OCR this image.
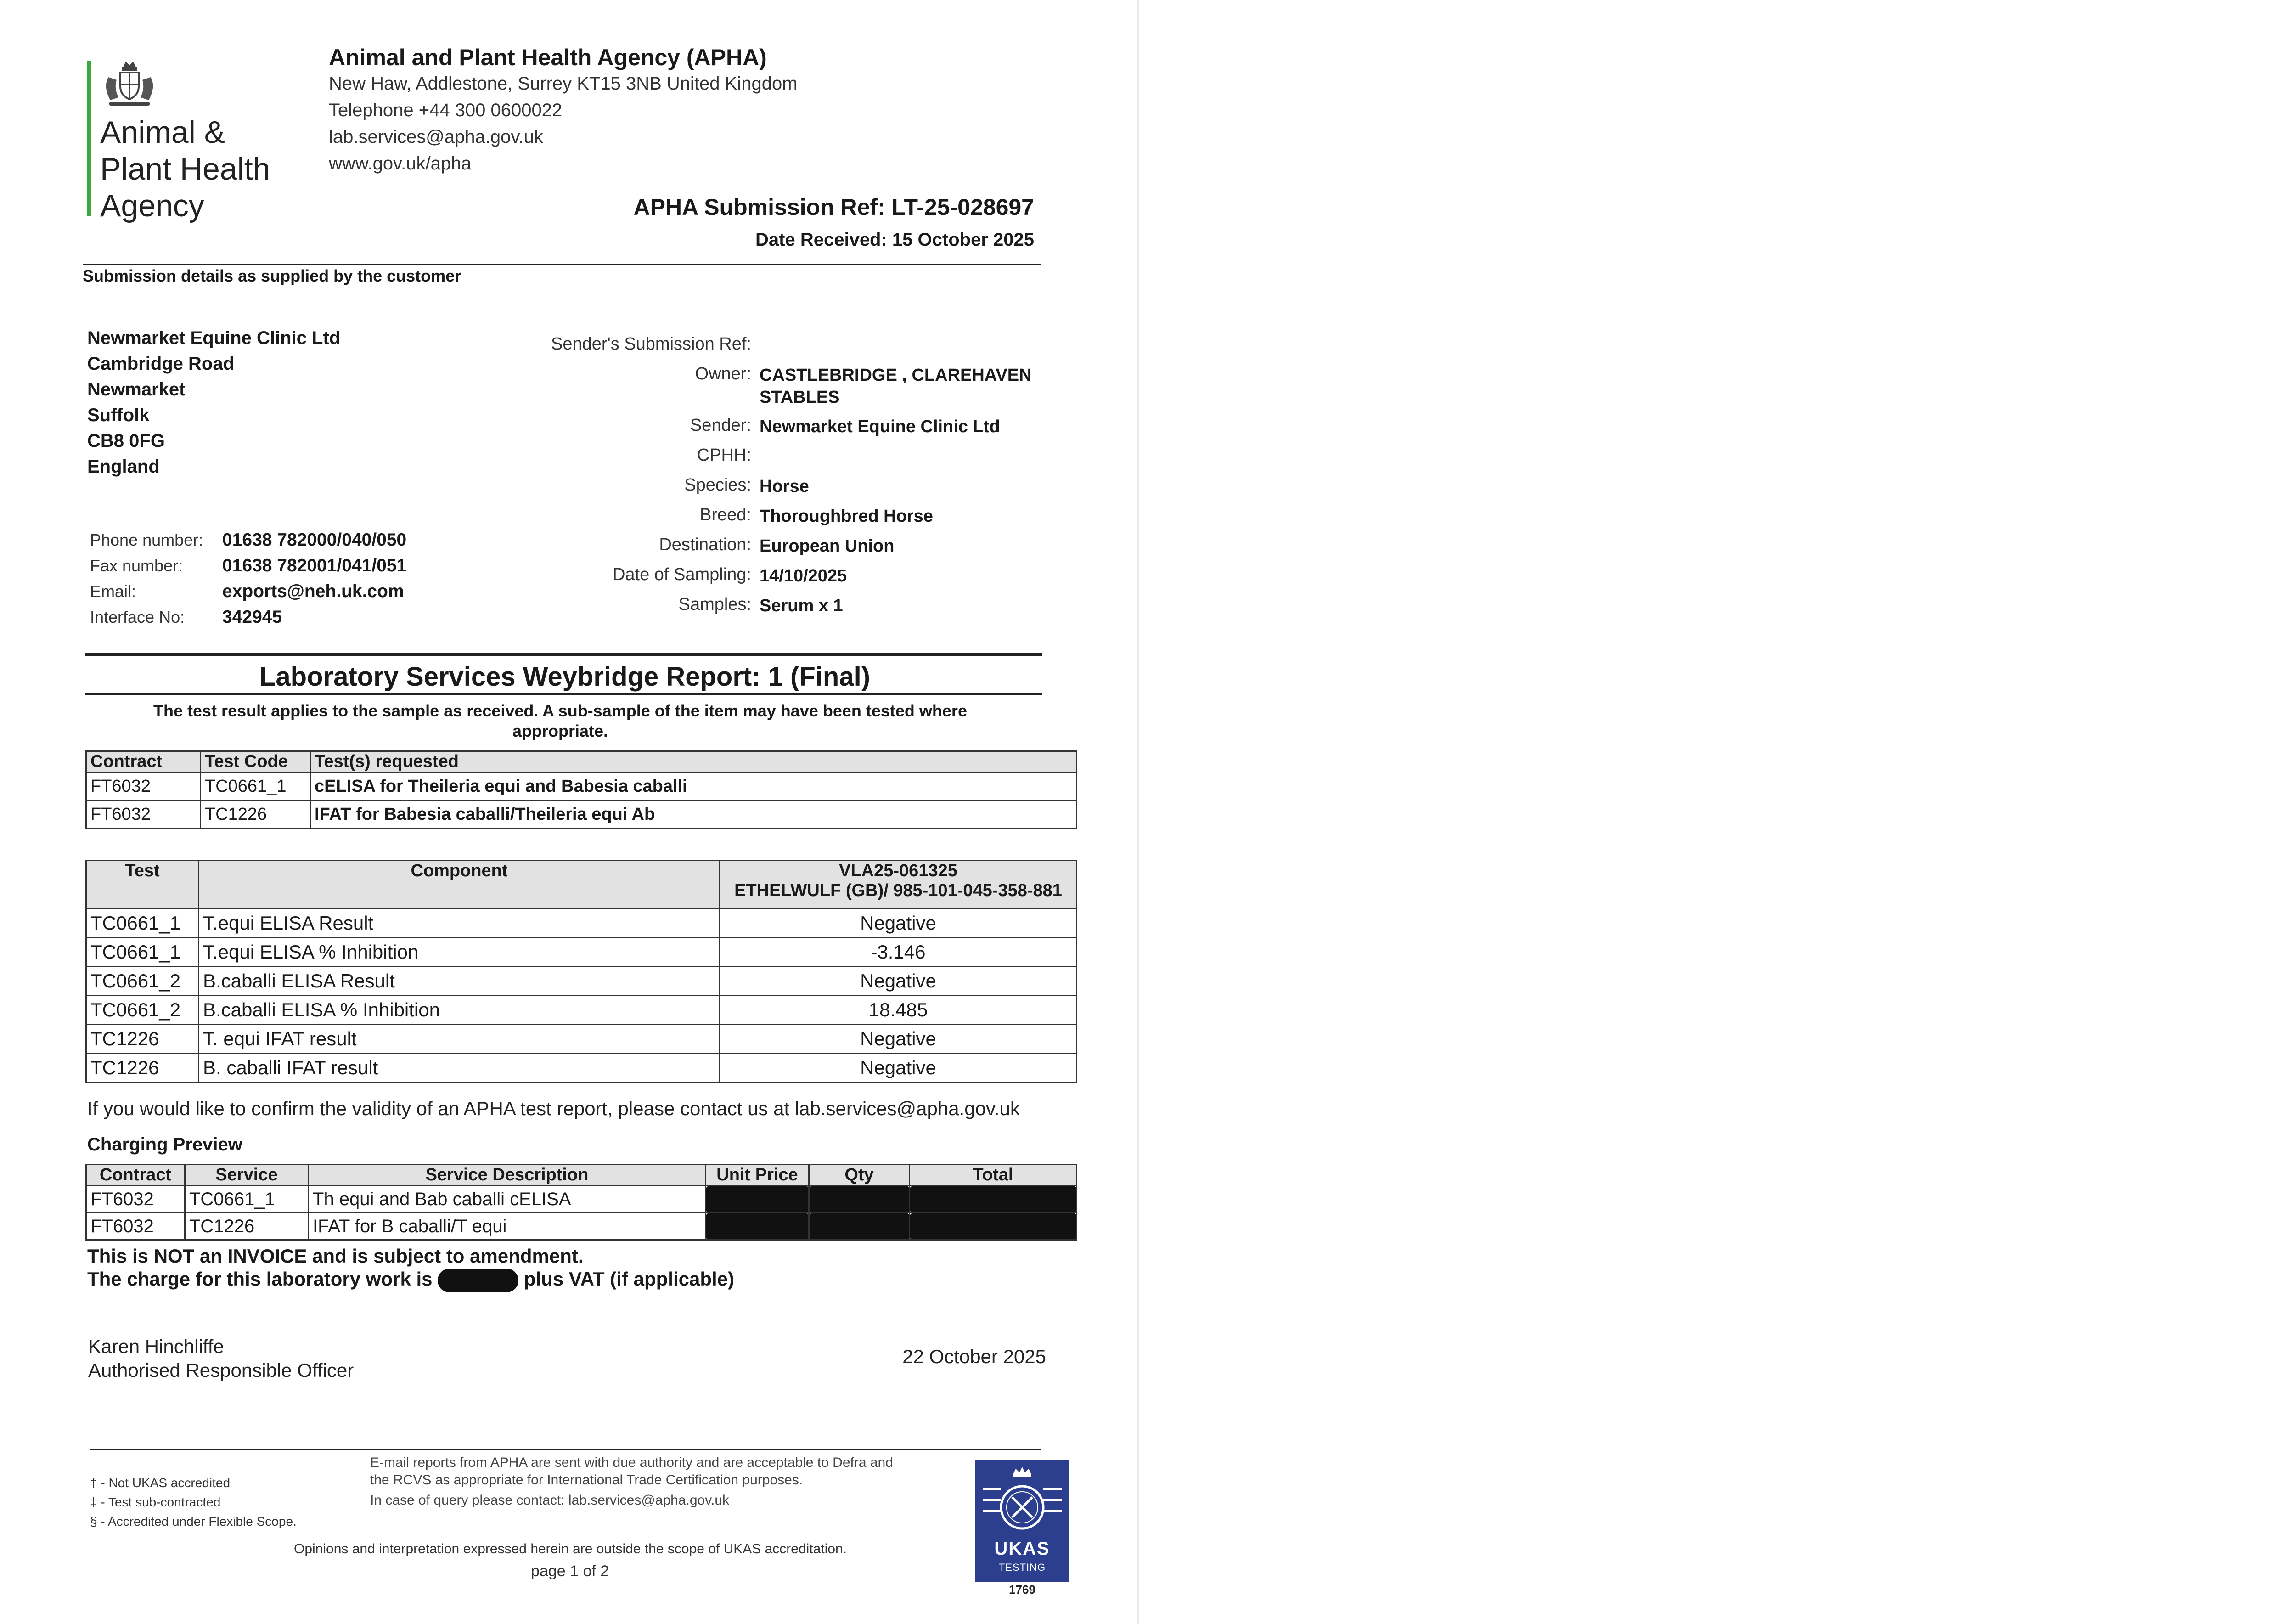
Animal &
Plant Health
Agency
Animal and Plant Health Agency (APHA)
New Haw, Addlestone, Surrey KT15 3NB United Kingdom
Telephone +44 300 0600022
lab.services@apha.gov.uk
www.gov.uk/apha
APHA Submission Ref: LT-25-028697
Date Received: 15 October 2025
Submission details as supplied by the customer
Newmarket Equine Clinic Ltd
Cambridge Road
Newmarket
Suffolk
CB8 0FG
England
Phone number:	01638 782000/040/050
Fax number:	01638 782001/041/051
Email:	exports@neh.uk.com
Interface No:	342945
Sender's Submission Ref:
Owner: CASTLEBRIDGE , CLAREHAVEN STABLES
Sender: Newmarket Equine Clinic Ltd
CPHH:
Species: Horse
Breed: Thoroughbred Horse
Destination: European Union
Date of Sampling: 14/10/2025
Samples: Serum x 1
Laboratory Services Weybridge Report: 1 (Final)
The test result applies to the sample as received. A sub-sample of the item may have been tested where appropriate.
Contract	Test Code	Test(s) requested
FT6032	TC0661_1	cELISA for Theileria equi and Babesia caballi
FT6032	TC1226	IFAT for Babesia caballi/Theileria equi Ab
Test	Component	VLA25-061325
ETHELWULF (GB)/ 985-101-045-358-881

TC0661_1	T.equi ELISA Result	Negative
TC0661_1	T.equi ELISA % Inhibition	-3.146
TC0661_2	B.caballi ELISA Result	Negative
TC0661_2	B.caballi ELISA % Inhibition	18.485
TC1226	T. equi IFAT result	Negative
TC1226	B. caballi IFAT result	Negative
If you would like to confirm the validity of an APHA test report, please contact us at lab.services@apha.gov.uk
Charging Preview
Contract	Service	Service Description	Unit Price	Qty	Total
FT6032	TC0661_1	Th equi and Bab caballi cELISA			
FT6032	TC1226	IFAT for B caballi/T equi			
This is NOT an INVOICE and is subject to amendment.
The charge for this laboratory work is	plus VAT (if applicable)
Karen Hinchliffe
Authorised Responsible Officer
22 October 2025
† - Not UKAS accredited
‡ - Test sub-contracted
§ - Accredited under Flexible Scope.
E-mail reports from APHA are sent with due authority and are acceptable to Defra and the RCVS as appropriate for International Trade Certification purposes.
In case of query please contact: lab.services@apha.gov.uk
Opinions and interpretation expressed herein are outside the scope of UKAS accreditation.
page 1 of 2
UKAS
TESTING
1769
